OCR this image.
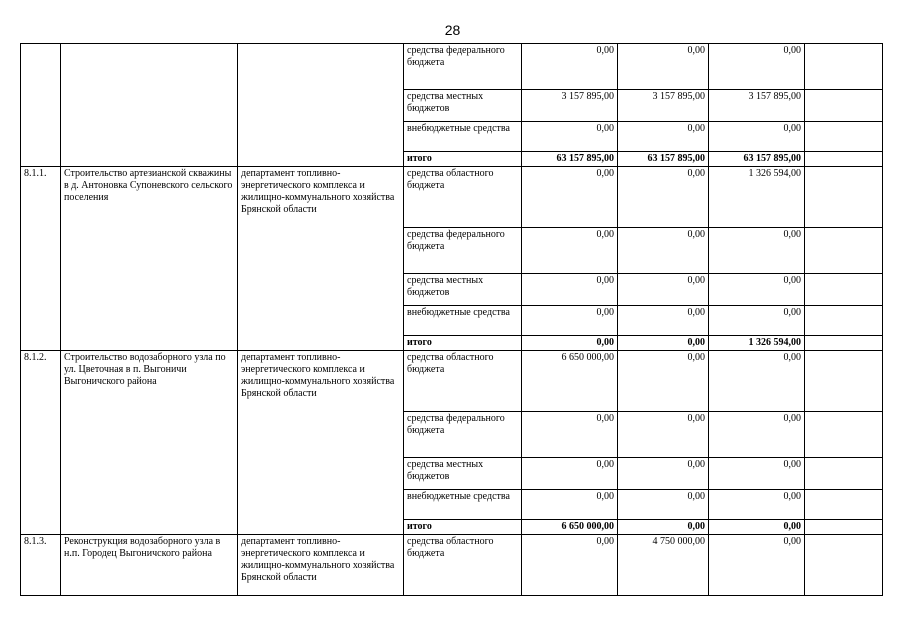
28
			средства федерального бюджета	0,00	0,00	0,00	
			средства местных бюджетов	3 157 895,00	3 157 895,00	3 157 895,00	
			внебюджетные средства	0,00	0,00	0,00	
			итого	63 157 895,00	63 157 895,00	63 157 895,00	
8.1.1.	Строительство артезианской скважины в д. Антоновка Супоневского сельского поселения	департамент топливно-энергетического комплекса и жилищно-коммунального хозяйства Брянской области	средства областного бюджета	0,00	0,00	1 326 594,00	
			средства федерального бюджета	0,00	0,00	0,00	
			средства местных бюджетов	0,00	0,00	0,00	
			внебюджетные средства	0,00	0,00	0,00	
			итого	0,00	0,00	1 326 594,00	
8.1.2.	Строительство водозаборного узла по ул. Цветочная в п. Выгоничи Выгоничского района	департамент топливно-энергетического комплекса и жилищно-коммунального хозяйства Брянской области	средства областного бюджета	6 650 000,00	0,00	0,00	
			средства федерального бюджета	0,00	0,00	0,00	
			средства местных бюджетов	0,00	0,00	0,00	
			внебюджетные средства	0,00	0,00	0,00	
			итого	6 650 000,00	0,00	0,00	
8.1.3.	Реконструкция водозаборного узла в н.п. Городец Выгоничского района	департамент топливно-энергетического комплекса и жилищно-коммунального хозяйства Брянской области	средства областного бюджета	0,00	4 750 000,00	0,00	
